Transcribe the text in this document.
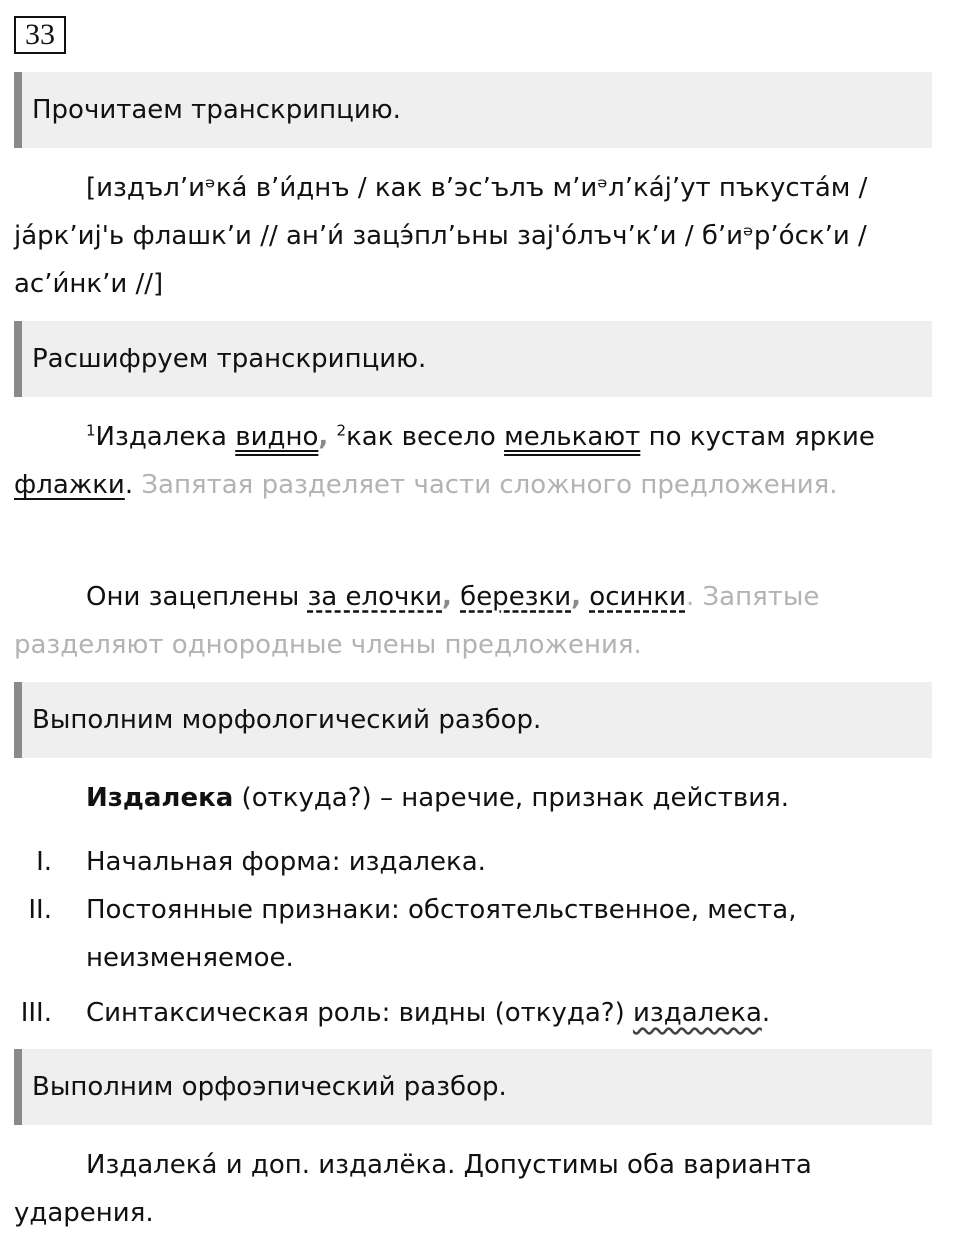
33
Прочитаем транскрипцию.

[издъл’иᵊка́ в’и́днъ / как в’эс’ълъ м’иᵊл’ка́j’ут пъкуста́м / jа́рк’иj'ь флашк’и // ан’и́ зацэ́пл’ьны заj'о́лъч’к’и / б’иᵊр’о́ск’и / ас’и́нк’и //]

Расшифруем транскрипцию.

$^1$Издалека видно, $^2$как весело мелькают по кустам яркие флажки. Запятая разделяет части сложного предложения.

Они зацеплены за елочки, березки, осинки. Запятые разделяют однородные члены предложения.

Выполним морфологический разбор.

Издалека (откуда?) – наречие, признак действия.

I. Начальная форма: издалека.
II. Постоянные признаки: обстоятельственное, места, неизменяемое.
III. Синтаксическая роль: видны (откуда?) издалека.
Выполним орфоэпический разбор.

Издалека́ и доп. издалёка. Допустимы оба варианта ударения.
